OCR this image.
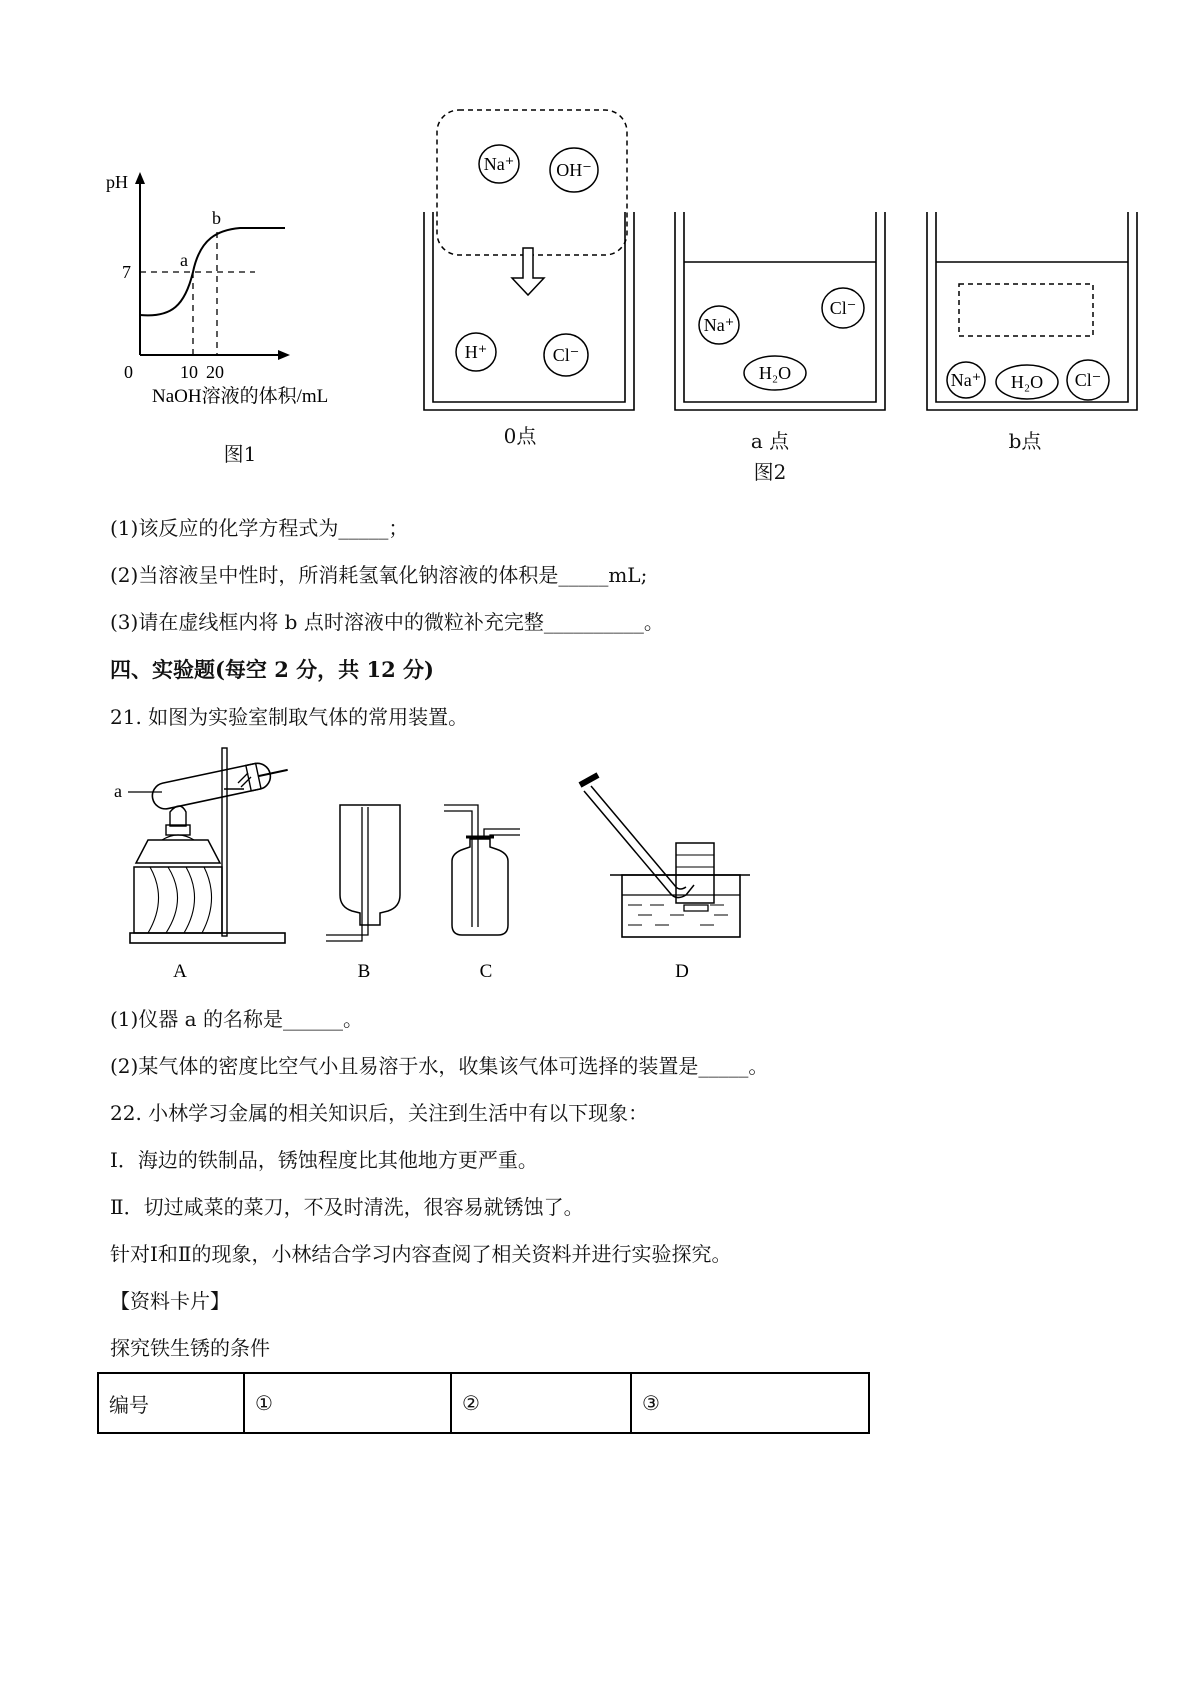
pH
7
0	10 20
a
b
NaOH溶液的体积/mL
图1
Na⁺ OH⁻
H⁺	Cl⁻
Na⁺
Cl⁻
H₂O	Na⁺ H₂O Cl⁻
0点	a 点	b点
图2
(1)该反应的化学方程式为_____；
(2)当溶液呈中性时，所消耗氢氧化钠溶液的体积是_____mL;
(3)请在虚线框内将 b 点时溶液中的微粒补充完整__________。
四、实验题(每空 2 分，共 12 分)
21. 如图为实验室制取气体的常用装置。
a
A	B	C	D
(1)仪器 a 的名称是______。
(2)某气体的密度比空气小且易溶于水，收集该气体可选择的装置是_____。
22. 小林学习金属的相关知识后，关注到生活中有以下现象：
Ⅰ．海边的铁制品，锈蚀程度比其他地方更严重。
Ⅱ．切过咸菜的菜刀，不及时清洗，很容易就锈蚀了。
针对Ⅰ和Ⅱ的现象，小林结合学习内容查阅了相关资料并进行实验探究。
【资料卡片】
探究铁生锈的条件
编号	①	②	③
